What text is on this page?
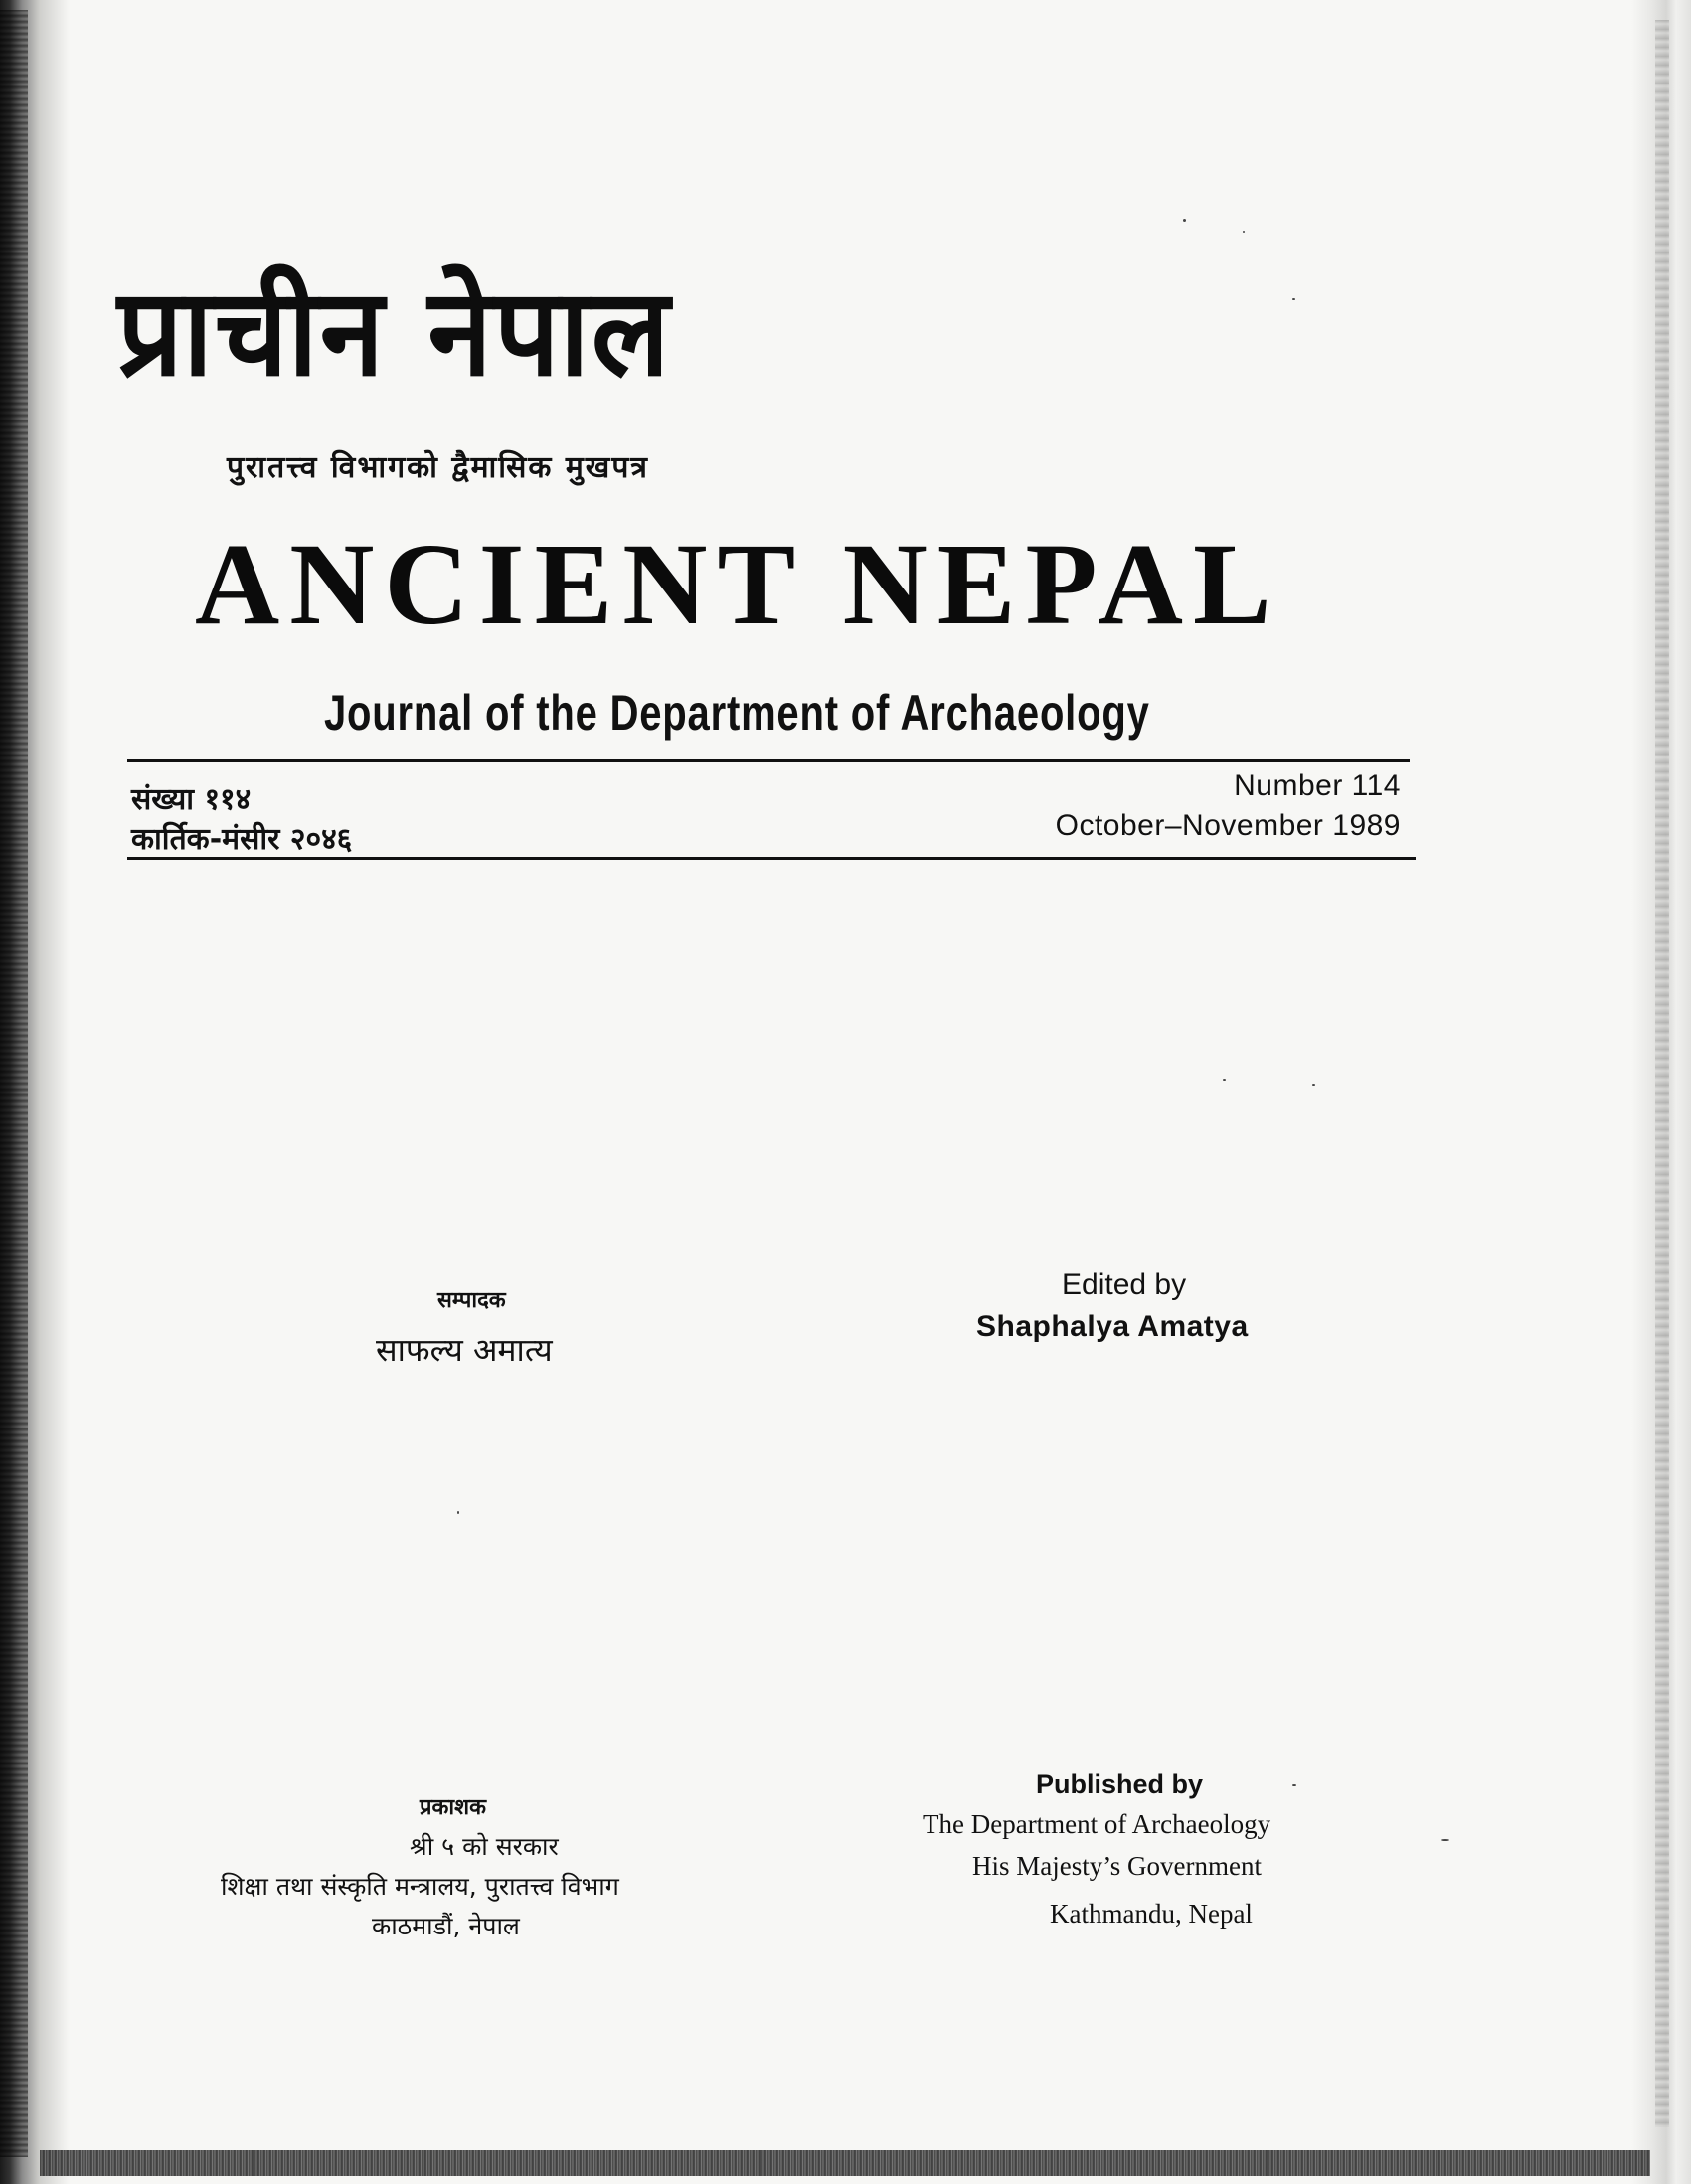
प्राचीन नेपाल
पुरातत्त्व विभागको द्वैमासिक मुखपत्र
ANCIENT NEPAL
Journal of the Department of Archaeology
संख्या ११४
कार्तिक-मंसीर २०४६
Number 114
October–November 1989
सम्पादक
साफल्य अमात्य
Edited by
Shaphalya Amatya
प्रकाशक
श्री ५ को सरकार
शिक्षा तथा संस्कृति मन्त्रालय, पुरातत्त्व विभाग
काठमाडौं, नेपाल
Published by
The Department of Archaeology
His Majesty’s Government
Kathmandu, Nepal
